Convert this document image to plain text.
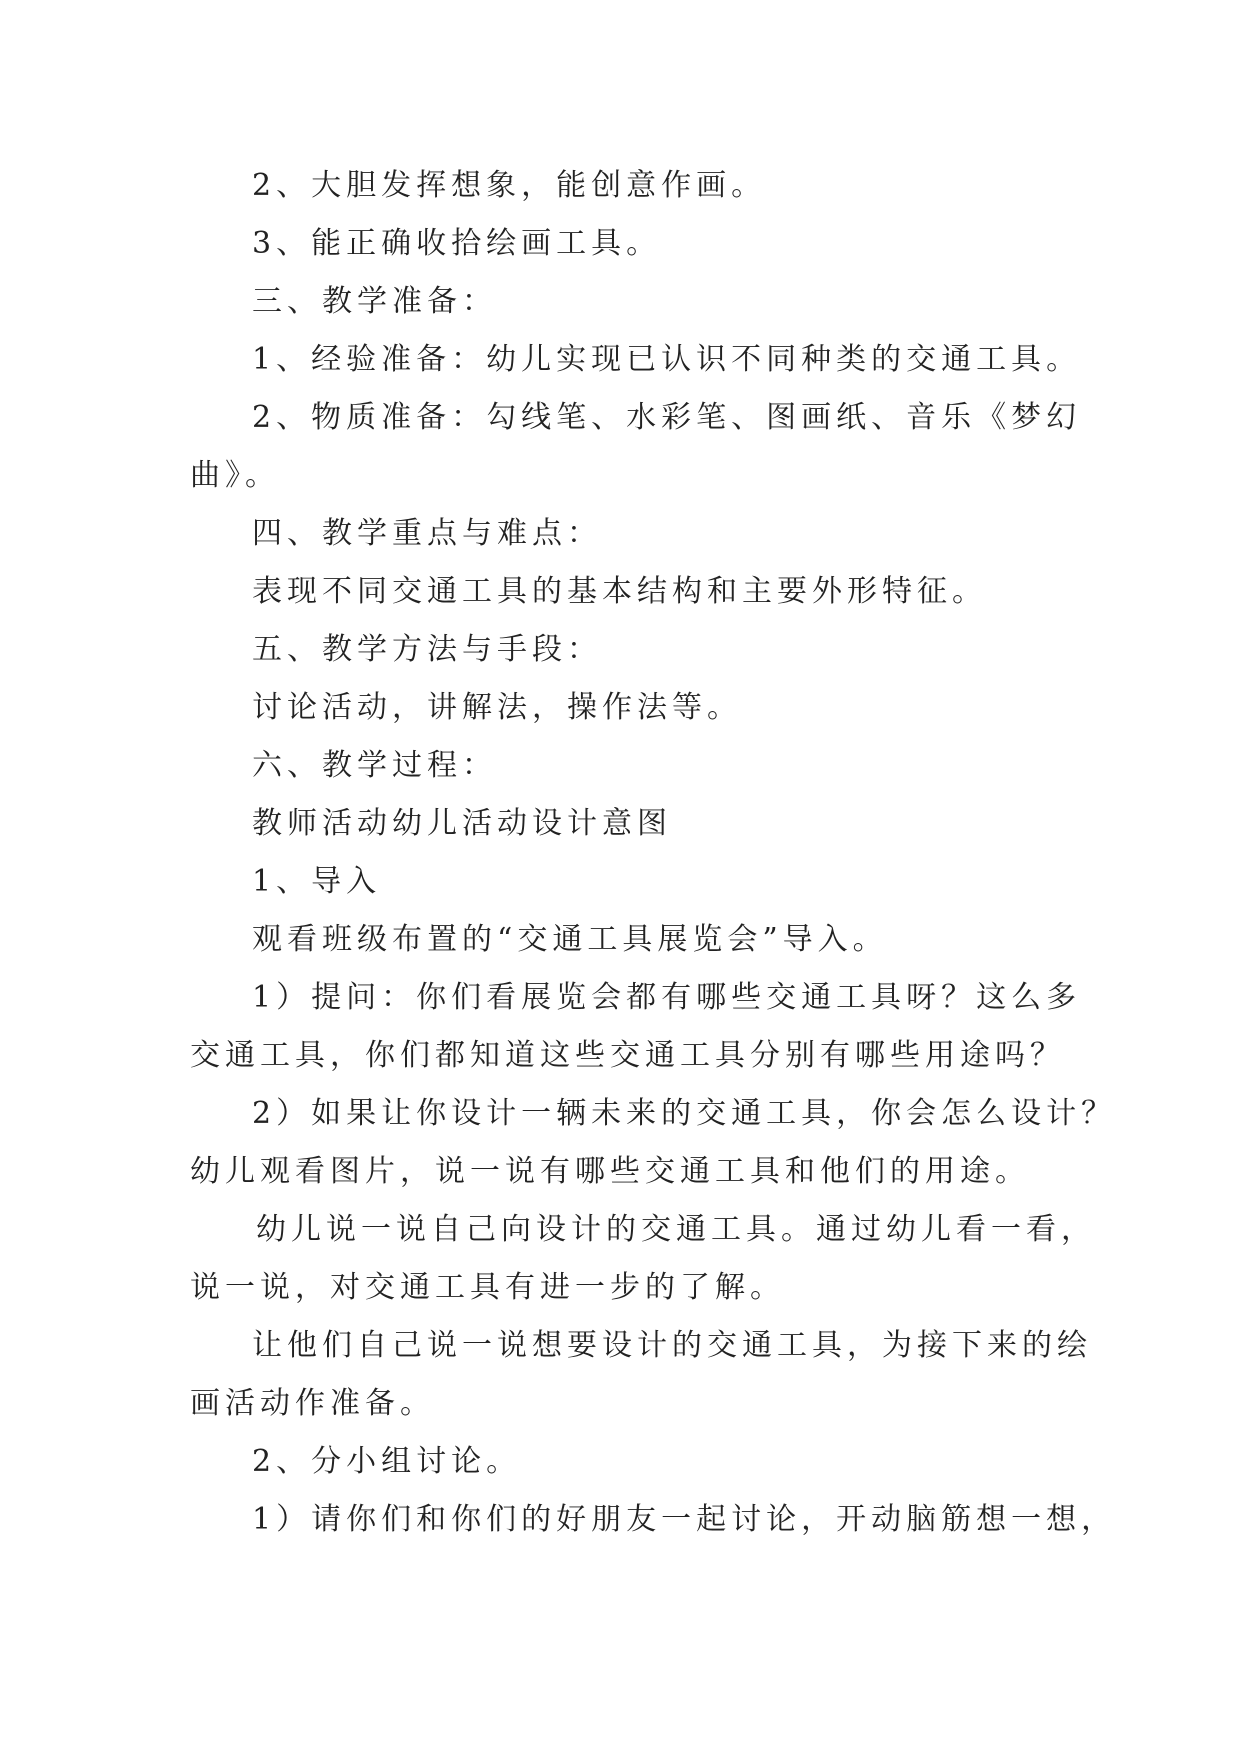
2、大胆发挥想象，能创意作画。
3、能正确收拾绘画工具。
三、教学准备：
1、经验准备：幼儿实现已认识不同种类的交通工具。
2、物质准备：勾线笔、水彩笔、图画纸、音乐《梦幻
曲》。
四、教学重点与难点：
表现不同交通工具的基本结构和主要外形特征。
五、教学方法与手段：
讨论活动，讲解法，操作法等。
六、教学过程：
教师活动幼儿活动设计意图
1、导入
观看班级布置的“交通工具展览会”导入。
1）提问：你们看展览会都有哪些交通工具呀？这么多
交通工具，你们都知道这些交通工具分别有哪些用途吗？
2）如果让你设计一辆未来的交通工具，你会怎么设计？
幼儿观看图片，说一说有哪些交通工具和他们的用途。
幼儿说一说自己向设计的交通工具。通过幼儿看一看，
说一说，对交通工具有进一步的了解。
让他们自己说一说想要设计的交通工具，为接下来的绘
画活动作准备。
2、分小组讨论。
1）请你们和你们的好朋友一起讨论，开动脑筋想一想，
